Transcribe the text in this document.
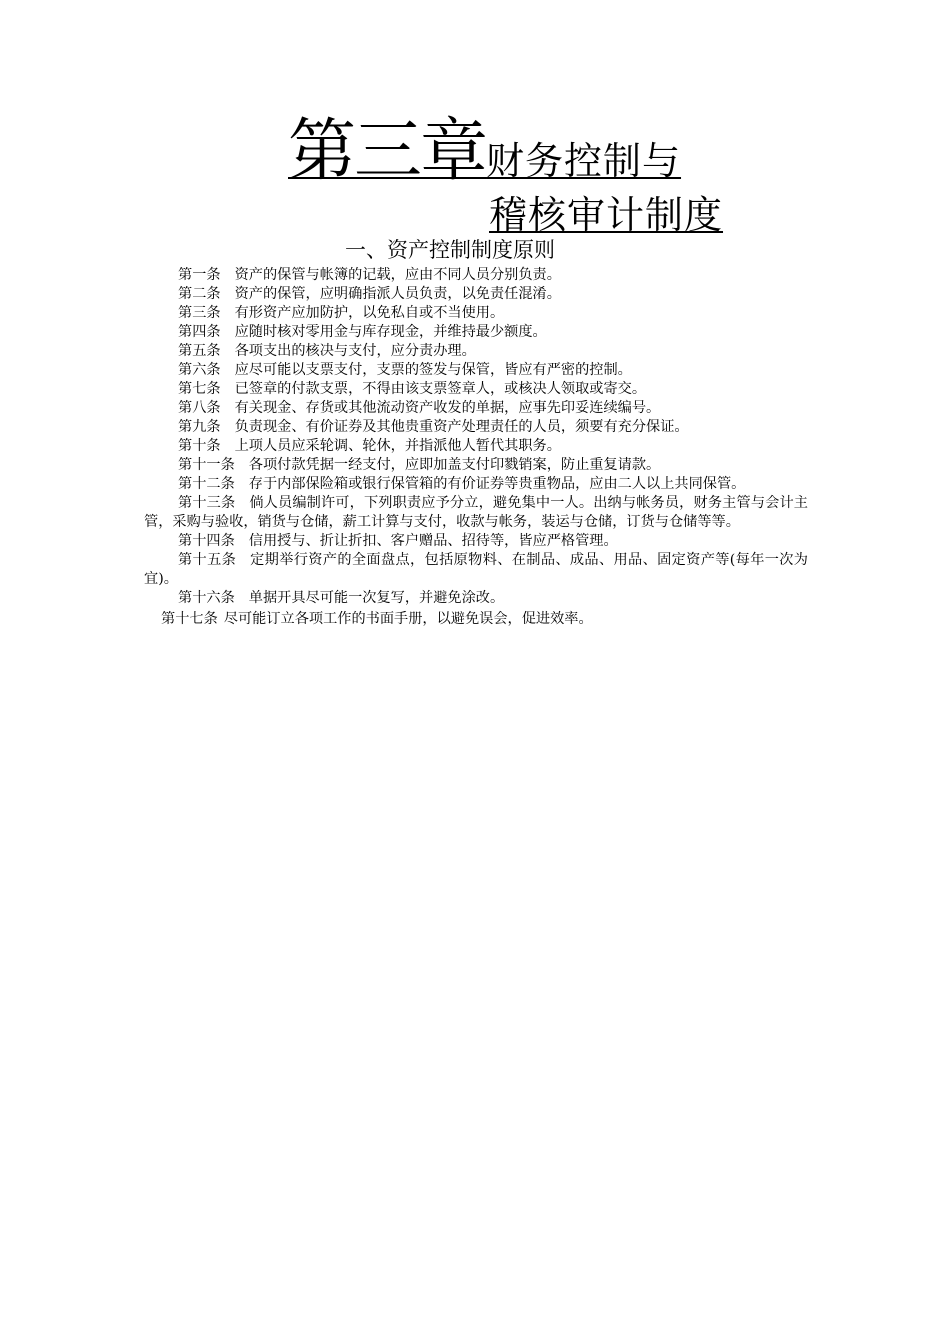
第三章财务控制与
稽核审计制度
一、资产控制制度原则

第一条 资产的保管与帐簿的记载，应由不同人员分别负责。

第二条 资产的保管，应明确指派人员负责，以免责任混淆。

第三条 有形资产应加防护，以免私自或不当使用。

第四条 应随时核对零用金与库存现金，并维持最少额度。

第五条 各项支出的核决与支付，应分责办理。

第六条 应尽可能以支票支付，支票的签发与保管，皆应有严密的控制。

第七条 已签章的付款支票，不得由该支票签章人，或核决人领取或寄交。

第八条 有关现金、存货或其他流动资产收发的单据，应事先印妥连续编号。

第九条 负责现金、有价证券及其他贵重资产处理责任的人员，须要有充分保证。

第十条 上项人员应采轮调、轮休，并指派他人暂代其职务。

第十一条 各项付款凭据一经支付，应即加盖支付印戮销案，防止重复请款。

第十二条 存于内部保险箱或银行保管箱的有价证券等贵重物品，应由二人以上共同保管。

第十三条 倘人员编制许可，下列职责应予分立，避免集中一人。出纳与帐务员，财务主管与会计主管，采购与验收，销货与仓储，薪工计算与支付，收款与帐务，装运与仓储，订货与仓储等等。

第十四条 信用授与、折让折扣、客户赠品、招待等，皆应严格管理。

第十五条 定期举行资产的全面盘点，包括原物料、在制品、成品、用品、固定资产等(每年一次为宜)。

第十六条 单据开具尽可能一次复写，并避免涂改。

第十七条 尽可能订立各项工作的书面手册，以避免误会，促进效率。
